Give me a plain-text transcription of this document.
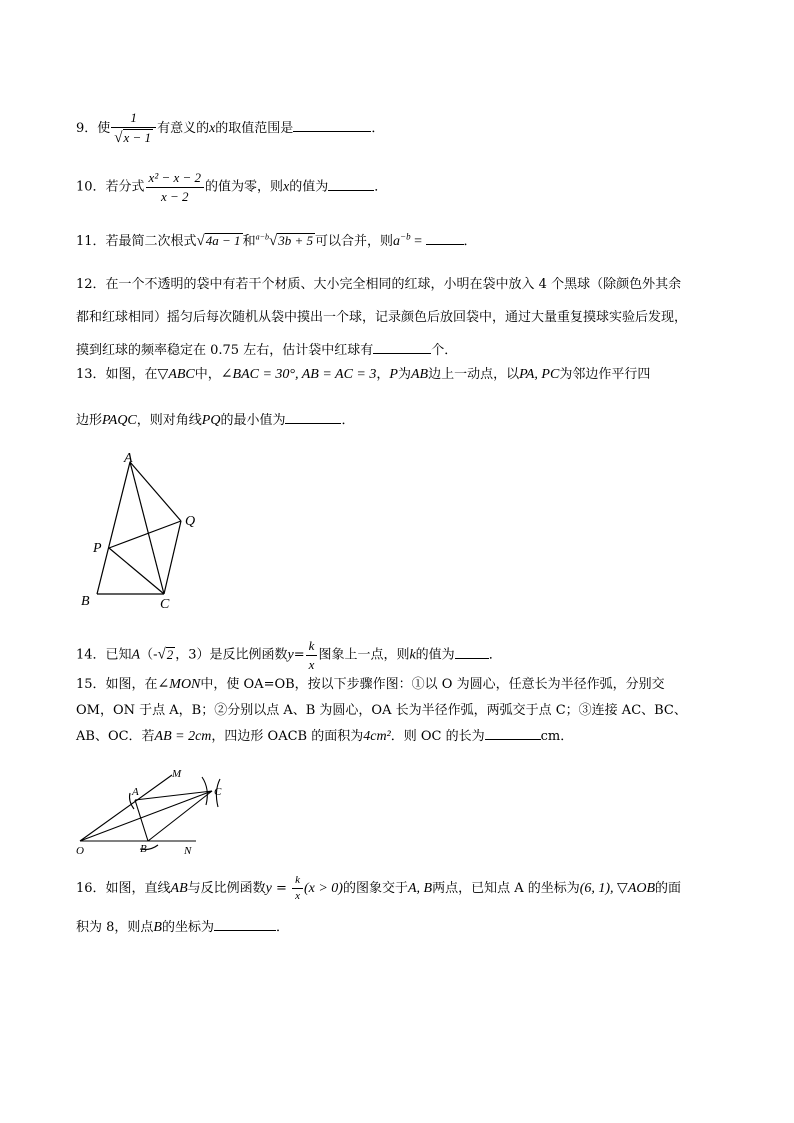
9．使 $\frac{1}{√x - 1}$ 有意义的x的取值范围是	．
10．若分式 $\frac{\text{x² − x − 2}}{x - 2}$ 的值为零，则x的值为	．
11．若最简二次根式√4a − 1 和$^{a-b}$√3b + 5 可以合并，则$a^{-b}$ =	．
12．在一个不透明的袋中有若干个材质、大小完全相同的红球，小明在袋中放入 4 个黑球（除颜色外其余
都和红球相同）摇匀后每次随机从袋中摸出一个球，记录颜色后放回袋中，通过大量重复摸球实验后发现，
摸到红球的频率稳定在 0.75 左右，估计袋中红球有	个．
13．如图，在▽ABC中，∠BAC = 30°, AB = AC = 3，P为AB边上一动点，以PA, PC为邻边作平行四
边形PAQC，则对角线PQ的最小值为	．
A
Q
P
B	C
14．已知A（-√2 ，3）是反比例函数$y= \frac{k}{x}$ 图象上一点，则k的值为	．
15．如图，在∠MON中，使 OA=OB，按以下步骤作图：①以 O 为圆心，任意长为半径作弧，分别交
OM，ON 于点 A，B；②分别以点 A、B 为圆心，OA 长为半径作弧，两弧交于点 C；③连接 AC、BC、
AB、OC．若AB = 2cm，四边形 OACB 的面积为4cm²．则 OC 的长为	cm．
M
A	C
O	B	N
16．如图，直线AB与反比例函数$y = \frac{k}{x} (x > 0)$的图象交于A, B两点，已知点 A 的坐标为(6, 1), ▽AOB的面
积为 8，则点B的坐标为	．
